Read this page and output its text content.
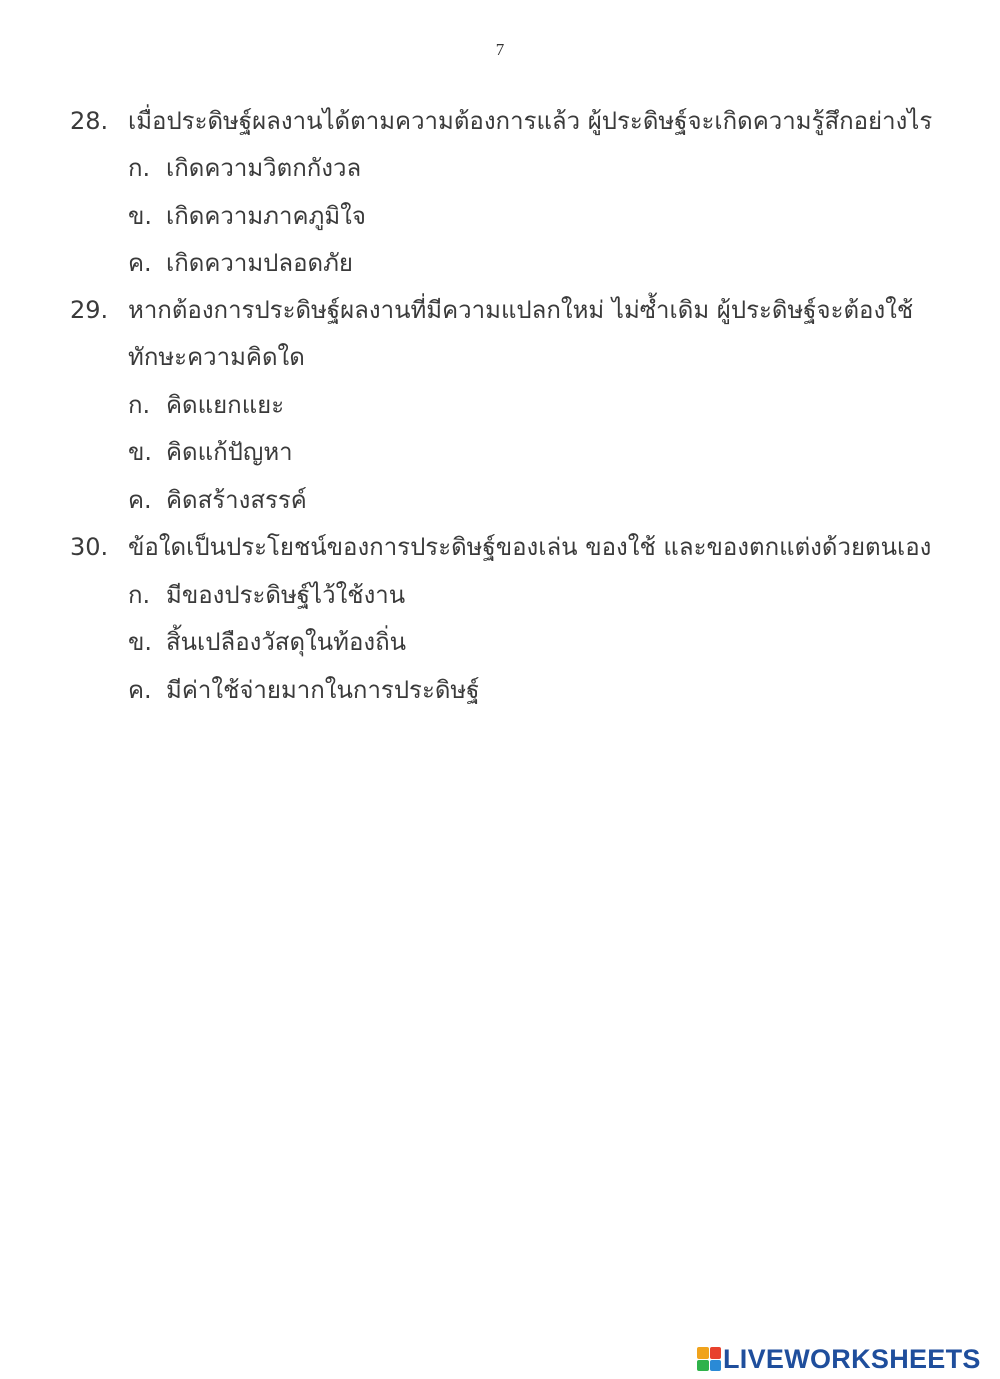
7
28. เมื่อประดิษฐ์ผลงานได้ตามความต้องการแล้ว ผู้ประดิษฐ์จะเกิดความรู้สึกอย่างไร
ก. เกิดความวิตกกังวล
ข. เกิดความภาคภูมิใจ
ค. เกิดความปลอดภัย
29. หากต้องการประดิษฐ์ผลงานที่มีความแปลกใหม่ ไม่ซ้ำเดิม ผู้ประดิษฐ์จะต้องใช้
ทักษะความคิดใด
ก. คิดแยกแยะ
ข. คิดแก้ปัญหา
ค. คิดสร้างสรรค์
30. ข้อใดเป็นประโยชน์ของการประดิษฐ์ของเล่น ของใช้ และของตกแต่งด้วยตนเอง
ก. มีของประดิษฐ์ไว้ใช้งาน
ข. สิ้นเปลืองวัสดุในท้องถิ่น
ค. มีค่าใช้จ่ายมากในการประดิษฐ์
LIVEWORKSHEETS
